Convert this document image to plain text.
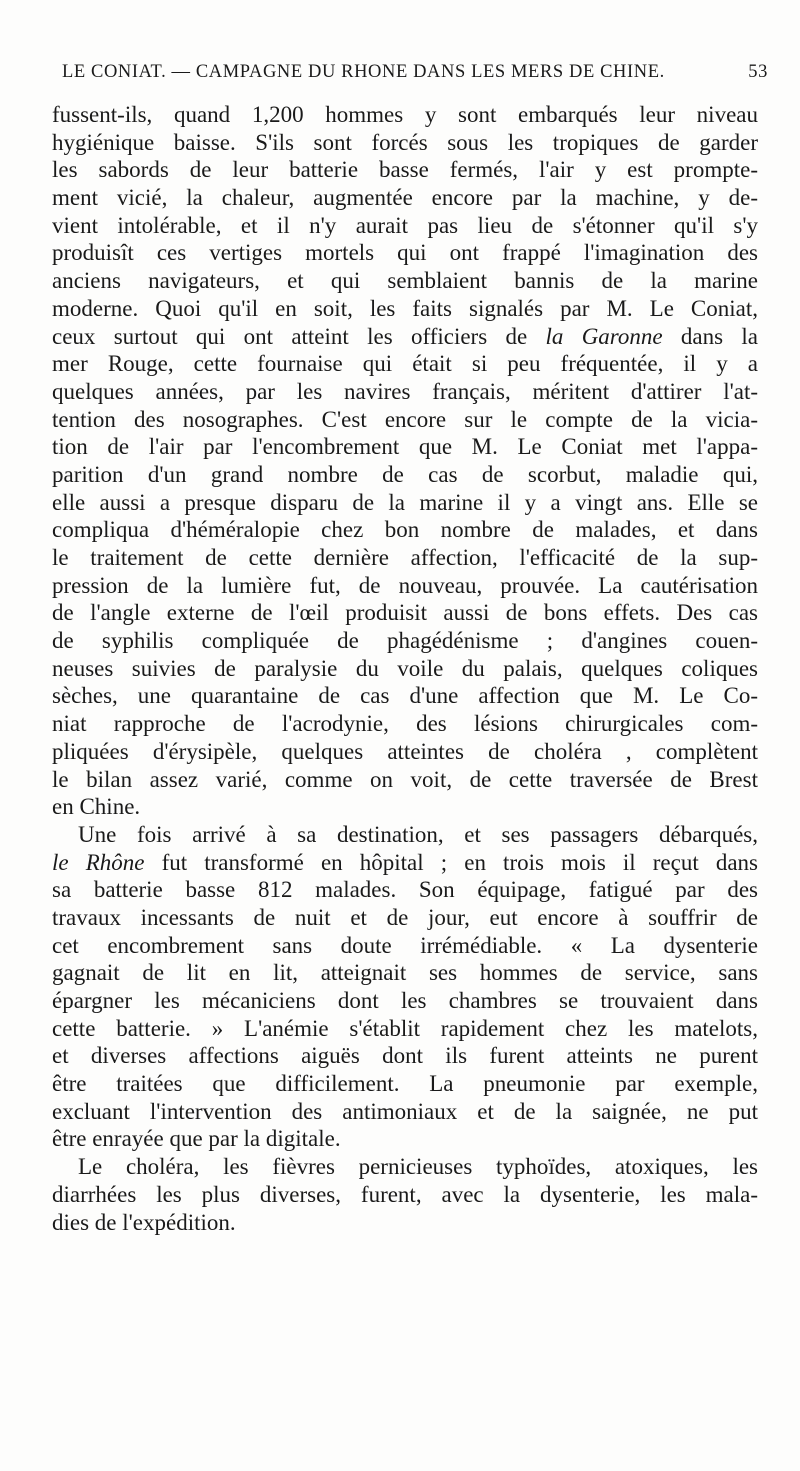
LE CONIAT. — CAMPAGNE DU RHONE DANS LES MERS DE CHINE.	53
fussent-ils, quand 1,200 hommes y sont embarqués leur niveau
hygiénique baisse. S'ils sont forcés sous les tropiques de garder
les sabords de leur batterie basse fermés, l'air y est prompte-
ment vicié, la chaleur, augmentée encore par la machine, y de-
vient intolérable, et il n'y aurait pas lieu de s'étonner qu'il s'y
produisît ces vertiges mortels qui ont frappé l'imagination des
anciens navigateurs, et qui semblaient bannis de la marine
moderne. Quoi qu'il en soit, les faits signalés par M. Le Coniat,
ceux surtout qui ont atteint les officiers de la Garonne dans la
mer Rouge, cette fournaise qui était si peu fréquentée, il y a
quelques années, par les navires français, méritent d'attirer l'at-
tention des nosographes. C'est encore sur le compte de la vicia-
tion de l'air par l'encombrement que M. Le Coniat met l'appa-
parition d'un grand nombre de cas de scorbut, maladie qui,
elle aussi a presque disparu de la marine il y a vingt ans. Elle se
compliqua d'héméralopie chez bon nombre de malades, et dans
le traitement de cette dernière affection, l'efficacité de la sup-
pression de la lumière fut, de nouveau, prouvée. La cautérisation
de l'angle externe de l'œil produisit aussi de bons effets. Des cas
de syphilis compliquée de phagédénisme ; d'angines couen-
neuses suivies de paralysie du voile du palais, quelques coliques
sèches, une quarantaine de cas d'une affection que M. Le Co-
niat rapproche de l'acrodynie, des lésions chirurgicales com-
pliquées d'érysipèle, quelques atteintes de choléra , complètent
le bilan assez varié, comme on voit, de cette traversée de Brest
en Chine.
Une fois arrivé à sa destination, et ses passagers débarqués,
le Rhône fut transformé en hôpital ; en trois mois il reçut dans
sa batterie basse 812 malades. Son équipage, fatigué par des
travaux incessants de nuit et de jour, eut encore à souffrir de
cet encombrement sans doute irrémédiable. « La dysenterie
gagnait de lit en lit, atteignait ses hommes de service, sans
épargner les mécaniciens dont les chambres se trouvaient dans
cette batterie. » L'anémie s'établit rapidement chez les matelots,
et diverses affections aiguës dont ils furent atteints ne purent
être traitées que difficilement. La pneumonie par exemple,
excluant l'intervention des antimoniaux et de la saignée, ne put
être enrayée que par la digitale.
Le choléra, les fièvres pernicieuses typhoïdes, atoxiques, les
diarrhées les plus diverses, furent, avec la dysenterie, les mala-
dies de l'expédition.
